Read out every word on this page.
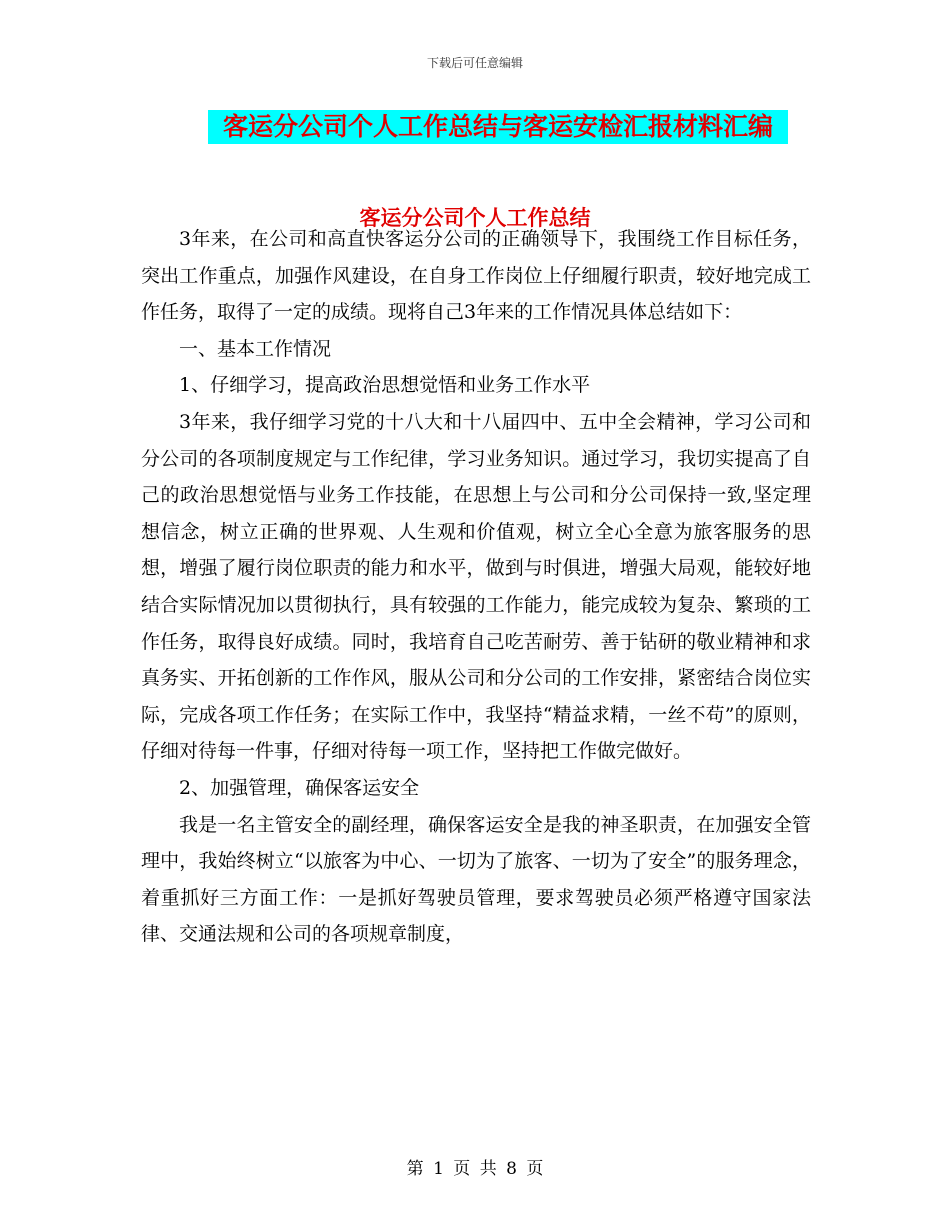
下载后可任意编辑
客运分公司个人工作总结与客运安检汇报材料汇编
客运分公司个人工作总结

3年来，在公司和高直快客运分公司的正确领导下，我围绕工作目标任务，突出工作重点，加强作风建设，在自身工作岗位上仔细履行职责，较好地完成工作任务，取得了一定的成绩。现将自己3年来的工作情况具体总结如下：

一、基本工作情况

1、仔细学习，提高政治思想觉悟和业务工作水平

3年来，我仔细学习党的十八大和十八届四中、五中全会精神，学习公司和分公司的各项制度规定与工作纪律，学习业务知识。通过学习，我切实提高了自己的政治思想觉悟与业务工作技能，在思想上与公司和分公司保持一致,坚定理想信念，树立正确的世界观、人生观和价值观，树立全心全意为旅客服务的思想，增强了履行岗位职责的能力和水平，做到与时俱进，增强大局观，能较好地结合实际情况加以贯彻执行，具有较强的工作能力，能完成较为复杂、繁琐的工作任务，取得良好成绩。同时，我培育自己吃苦耐劳、善于钻研的敬业精神和求真务实、开拓创新的工作作风，服从公司和分公司的工作安排，紧密结合岗位实际，完成各项工作任务；在实际工作中，我坚持“精益求精，一丝不苟”的原则，仔细对待每一件事，仔细对待每一项工作，坚持把工作做完做好。

2、加强管理，确保客运安全

我是一名主管安全的副经理，确保客运安全是我的神圣职责，在加强安全管理中，我始终树立“以旅客为中心、一切为了旅客、一切为了安全”的服务理念，着重抓好三方面工作：一是抓好驾驶员管理，要求驾驶员必须严格遵守国家法律、交通法规和公司的各项规章制度，

第 1 页 共 8 页
